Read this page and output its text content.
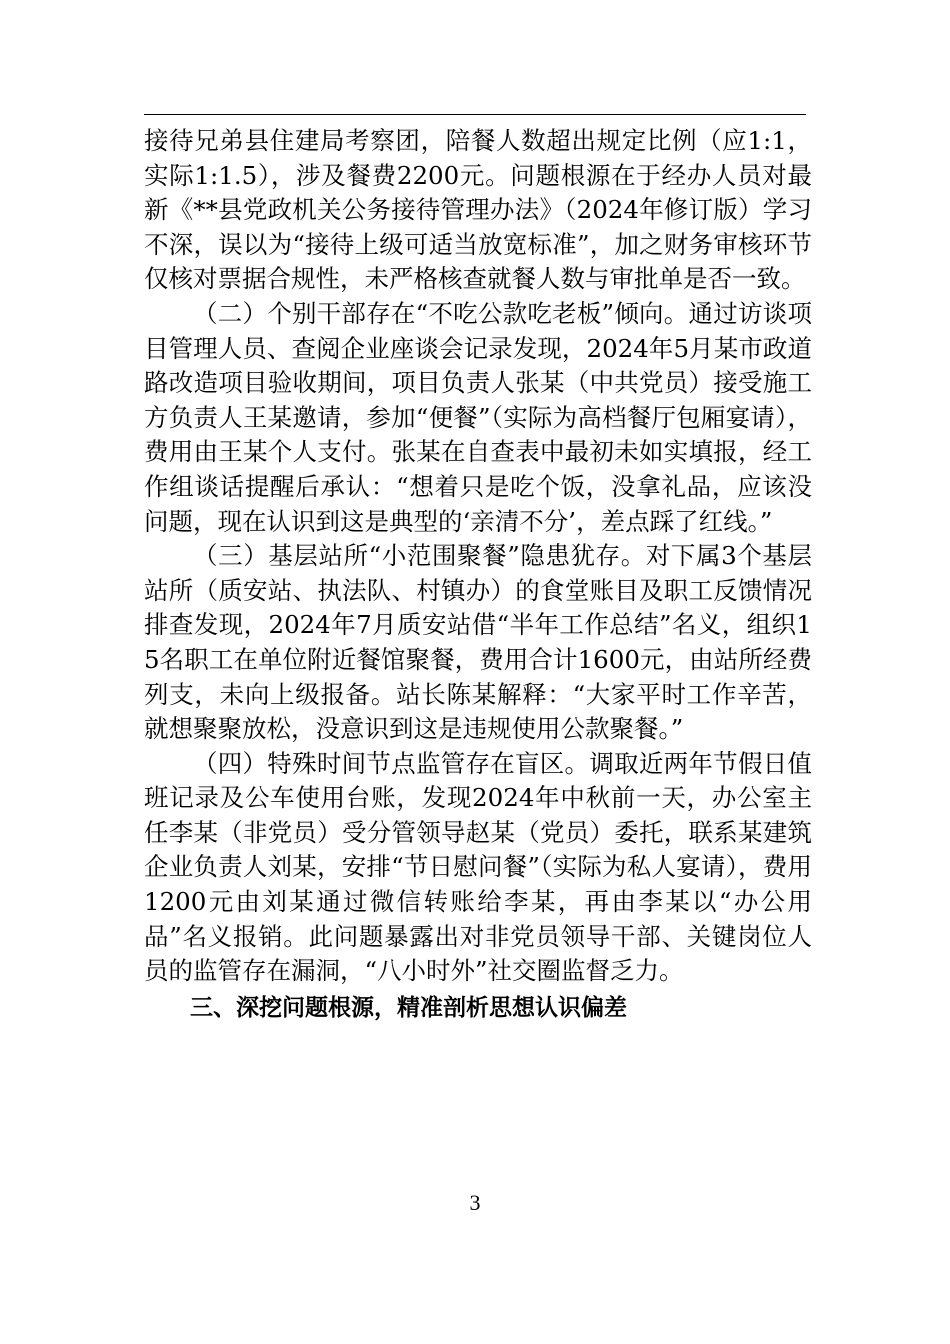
接待兄弟县住建局考察团，陪餐人数超出规定比例（应1:1，实际1:1.5），涉及餐费2200元。问题根源在于经办人员对最新《**县党政机关公务接待管理办法》（2024年修订版）学习不深，误以为“接待上级可适当放宽标准”，加之财务审核环节仅核对票据合规性，未严格核查就餐人数与审批单是否一致。

（二）个别干部存在“不吃公款吃老板”倾向。通过访谈项目管理人员、查阅企业座谈会记录发现，2024年5月某市政道路改造项目验收期间，项目负责人张某（中共党员）接受施工方负责人王某邀请，参加“便餐”（实际为高档餐厅包厢宴请），费用由王某个人支付。张某在自查表中最初未如实填报，经工作组谈话提醒后承认：“想着只是吃个饭，没拿礼品，应该没问题，现在认识到这是典型的‘亲清不分’，差点踩了红线。”

（三）基层站所“小范围聚餐”隐患犹存。对下属3个基层站所（质安站、执法队、村镇办）的食堂账目及职工反馈情况排查发现，2024年7月质安站借“半年工作总结”名义，组织15名职工在单位附近餐馆聚餐，费用合计1600元，由站所经费列支，未向上级报备。站长陈某解释：“大家平时工作辛苦，就想聚聚放松，没意识到这是违规使用公款聚餐。”

（四）特殊时间节点监管存在盲区。调取近两年节假日值班记录及公车使用台账，发现2024年中秋前一天，办公室主任李某（非党员）受分管领导赵某（党员）委托，联系某建筑企业负责人刘某，安排“节日慰问餐”（实际为私人宴请），费用1200元由刘某通过微信转账给李某，再由李某以“办公用品”名义报销。此问题暴露出对非党员领导干部、关键岗位人员的监管存在漏洞，“八小时外”社交圈监督乏力。

三、深挖问题根源，精准剖析思想认识偏差

3
